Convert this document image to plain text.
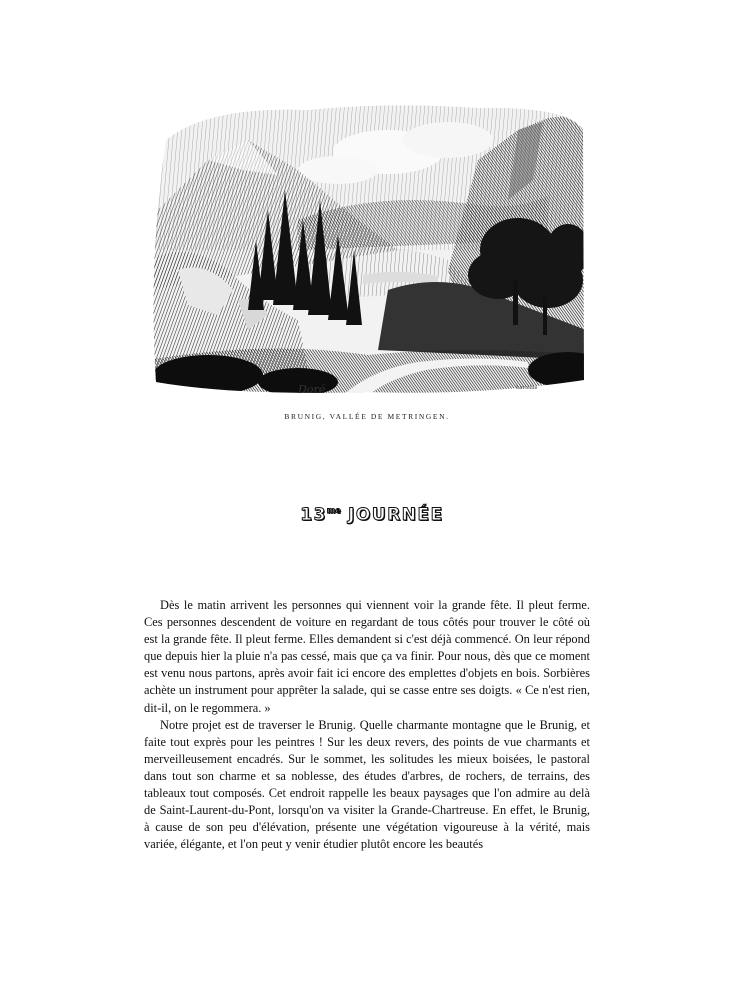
Doré	Lavieille
BRUNIG, VALLÉE DE METRINGEN.
$13^{me}$ JOURNÉE

Dès le matin arrivent les personnes qui viennent voir la grande fête. Il pleut ferme. Ces personnes descendent de voiture en regardant de tous côtés pour trouver le côté où est la grande fête. Il pleut ferme. Elles demandent si c'est déjà commencé. On leur répond que depuis hier la pluie n'a pas cessé, mais que ça va finir. Pour nous, dès que ce moment est venu nous partons, après avoir fait ici encore des emplettes d'objets en bois. Sorbières achète un instrument pour apprêter la salade, qui se casse entre ses doigts. « Ce n'est rien, dit-il, on le regommera. »

Notre projet est de traverser le Brunig. Quelle charmante montagne que le Brunig, et faite tout exprès pour les peintres ! Sur les deux revers, des points de vue charmants et merveilleusement encadrés. Sur le sommet, les solitudes les mieux boisées, le pastoral dans tout son charme et sa noblesse, des études d'arbres, de rochers, de terrains, des tableaux tout composés. Cet endroit rappelle les beaux paysages que l'on admire au delà de Saint-Laurent-du-Pont, lorsqu'on va visiter la Grande-Chartreuse. En effet, le Brunig, à cause de son peu d'élévation, présente une végétation vigoureuse à la vérité, mais variée, élégante, et l'on peut y venir étudier plutôt encore les beautés
